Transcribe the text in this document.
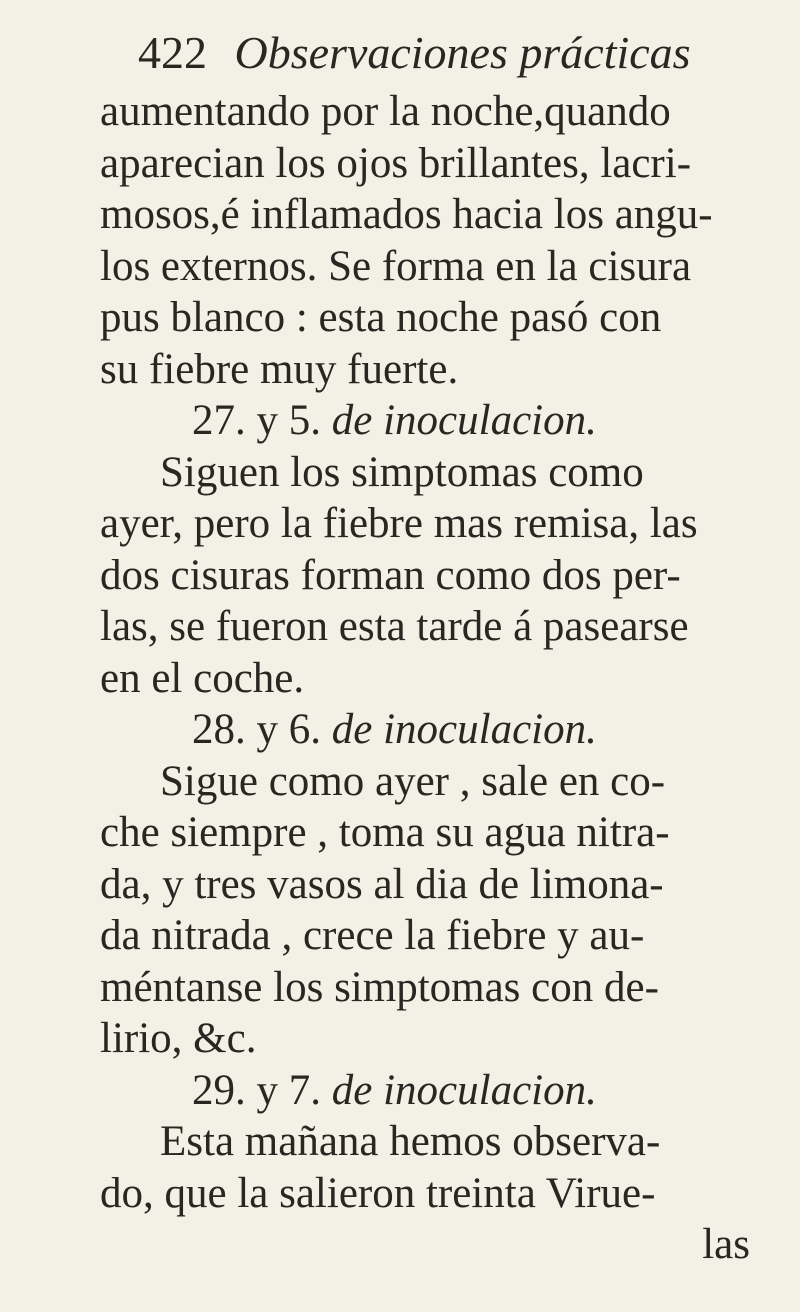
422 Observaciones prácticas
aumentando por la noche,quando
aparecian los ojos brillantes, lacri-
mosos,é inflamados hacia los angu-
los externos. Se forma en la cisura
pus blanco : esta noche pasó con
su fiebre muy fuerte.
27. y 5. de inoculacion.
Siguen los simptomas como
ayer, pero la fiebre mas remisa, las
dos cisuras forman como dos per-
las, se fueron esta tarde á pasearse
en el coche.
28. y 6. de inoculacion.
Sigue como ayer , sale en co-
che siempre , toma su agua nitra-
da, y tres vasos al dia de limona-
da nitrada , crece la fiebre y au-
méntanse los simptomas con de-
lirio, &c.
29. y 7. de inoculacion.
Esta mañana hemos observa-
do, que la salieron treinta Virue-
las
